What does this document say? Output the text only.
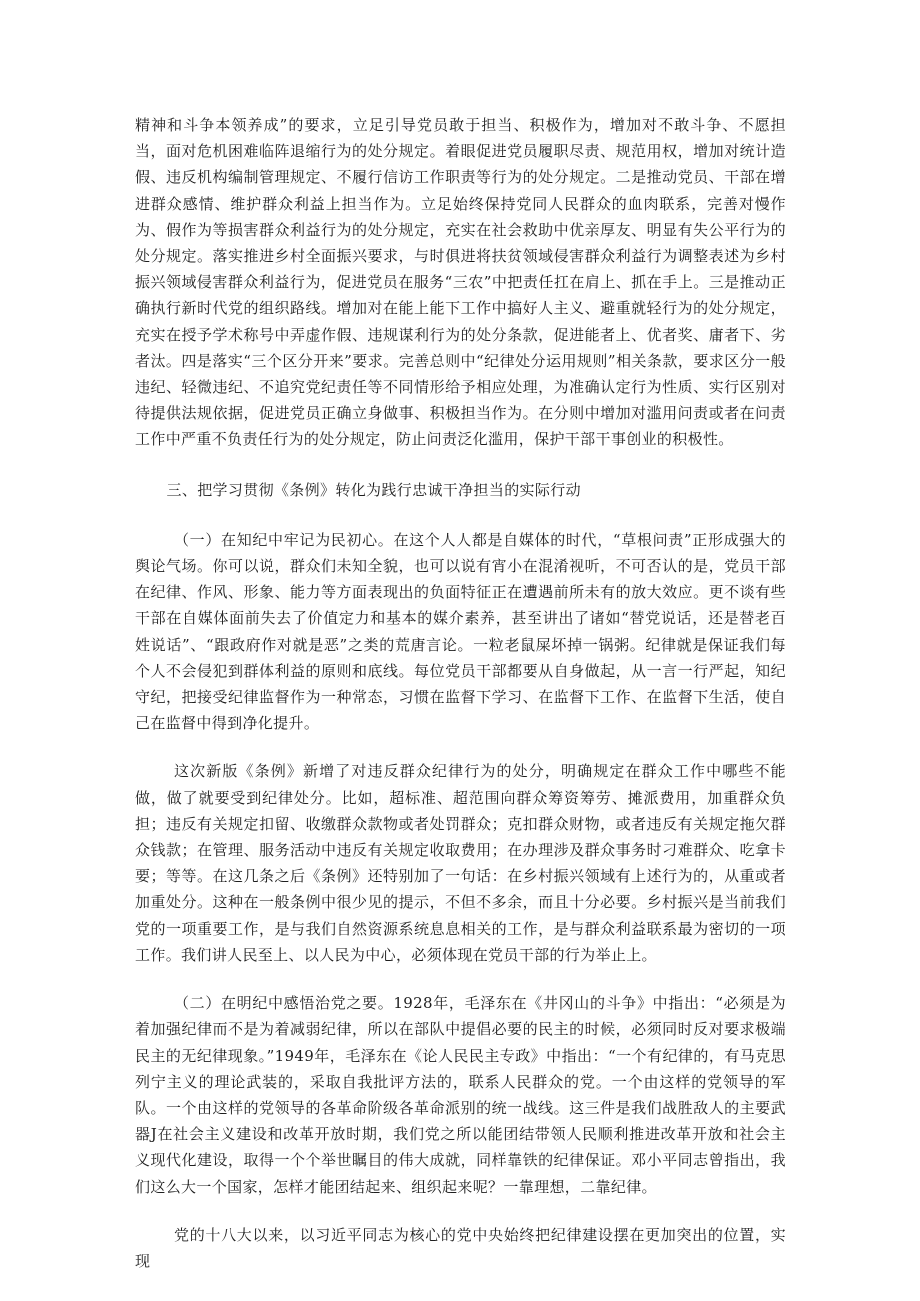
精神和斗争本领养成”的要求，立足引导党员敢于担当、积极作为，增加对不敢斗争、不愿担当，面对危机困难临阵退缩行为的处分规定。着眼促进党员履职尽责、规范用权，增加对统计造假、违反机构编制管理规定、不履行信访工作职责等行为的处分规定。二是推动党员、干部在增进群众感情、维护群众利益上担当作为。立足始终保持党同人民群众的血肉联系，完善对慢作为、假作为等损害群众利益行为的处分规定，充实在社会救助中优亲厚友、明显有失公平行为的处分规定。落实推进乡村全面振兴要求，与时俱进将扶贫领域侵害群众利益行为调整表述为乡村振兴领域侵害群众利益行为，促进党员在服务“三农”中把责任扛在肩上、抓在手上。三是推动正确执行新时代党的组织路线。增加对在能上能下工作中搞好人主义、避重就轻行为的处分规定，充实在授予学术称号中弄虚作假、违规谋利行为的处分条款，促进能者上、优者奖、庸者下、劣者汰。四是落实“三个区分开来”要求。完善总则中“纪律处分运用规则”相关条款，要求区分一般违纪、轻微违纪、不追究党纪责任等不同情形给予相应处理，为准确认定行为性质、实行区别对待提供法规依据，促进党员正确立身做事、积极担当作为。在分则中增加对滥用问责或者在问责工作中严重不负责任行为的处分规定，防止问责泛化滥用，保护干部干事创业的积极性。

三、把学习贯彻《条例》转化为践行忠诚干净担当的实际行动

（一）在知纪中牢记为民初心。在这个人人都是自媒体的时代，“草根问责”正形成强大的舆论气场。你可以说，群众们未知全貌，也可以说有宵小在混淆视听，不可否认的是，党员干部在纪律、作风、形象、能力等方面表现出的负面特征正在遭遇前所未有的放大效应。更不谈有些干部在自媒体面前失去了价值定力和基本的媒介素养，甚至讲出了诸如“替党说话，还是替老百姓说话”、“跟政府作对就是恶”之类的荒唐言论。一粒老鼠屎坏掉一锅粥。纪律就是保证我们每个人不会侵犯到群体利益的原则和底线。每位党员干部都要从自身做起，从一言一行严起，知纪守纪，把接受纪律监督作为一种常态，习惯在监督下学习、在监督下工作、在监督下生活，使自己在监督中得到净化提升。

这次新版《条例》新增了对违反群众纪律行为的处分，明确规定在群众工作中哪些不能做，做了就要受到纪律处分。比如，超标准、超范围向群众筹资筹劳、摊派费用，加重群众负担；违反有关规定扣留、收缴群众款物或者处罚群众；克扣群众财物，或者违反有关规定拖欠群众钱款；在管理、服务活动中违反有关规定收取费用；在办理涉及群众事务时刁难群众、吃拿卡要；等等。在这几条之后《条例》还特别加了一句话：在乡村振兴领域有上述行为的，从重或者加重处分。这种在一般条例中很少见的提示，不但不多余，而且十分必要。乡村振兴是当前我们党的一项重要工作，是与我们自然资源系统息息相关的工作，是与群众利益联系最为密切的一项工作。我们讲人民至上、以人民为中心，必须体现在党员干部的行为举止上。

（二）在明纪中感悟治党之要。1928年，毛泽东在《井冈山的斗争》中指出：“必须是为着加强纪律而不是为着减弱纪律，所以在部队中提倡必要的民主的时候，必须同时反对要求极端民主的无纪律现象。”1949年，毛泽东在《论人民民主专政》中指出：“一个有纪律的，有马克思列宁主义的理论武装的，采取自我批评方法的，联系人民群众的党。一个由这样的党领导的军队。一个由这样的党领导的各革命阶级各革命派别的统一战线。这三件是我们战胜敌人的主要武器J在社会主义建设和改革开放时期，我们党之所以能团结带领人民顺利推进改革开放和社会主义现代化建设，取得一个个举世瞩目的伟大成就，同样靠铁的纪律保证。邓小平同志曾指出，我们这么大一个国家，怎样才能团结起来、组织起来呢？一靠理想，二靠纪律。

党的十八大以来，以习近平同志为核心的党中央始终把纪律建设摆在更加突出的位置，实现
